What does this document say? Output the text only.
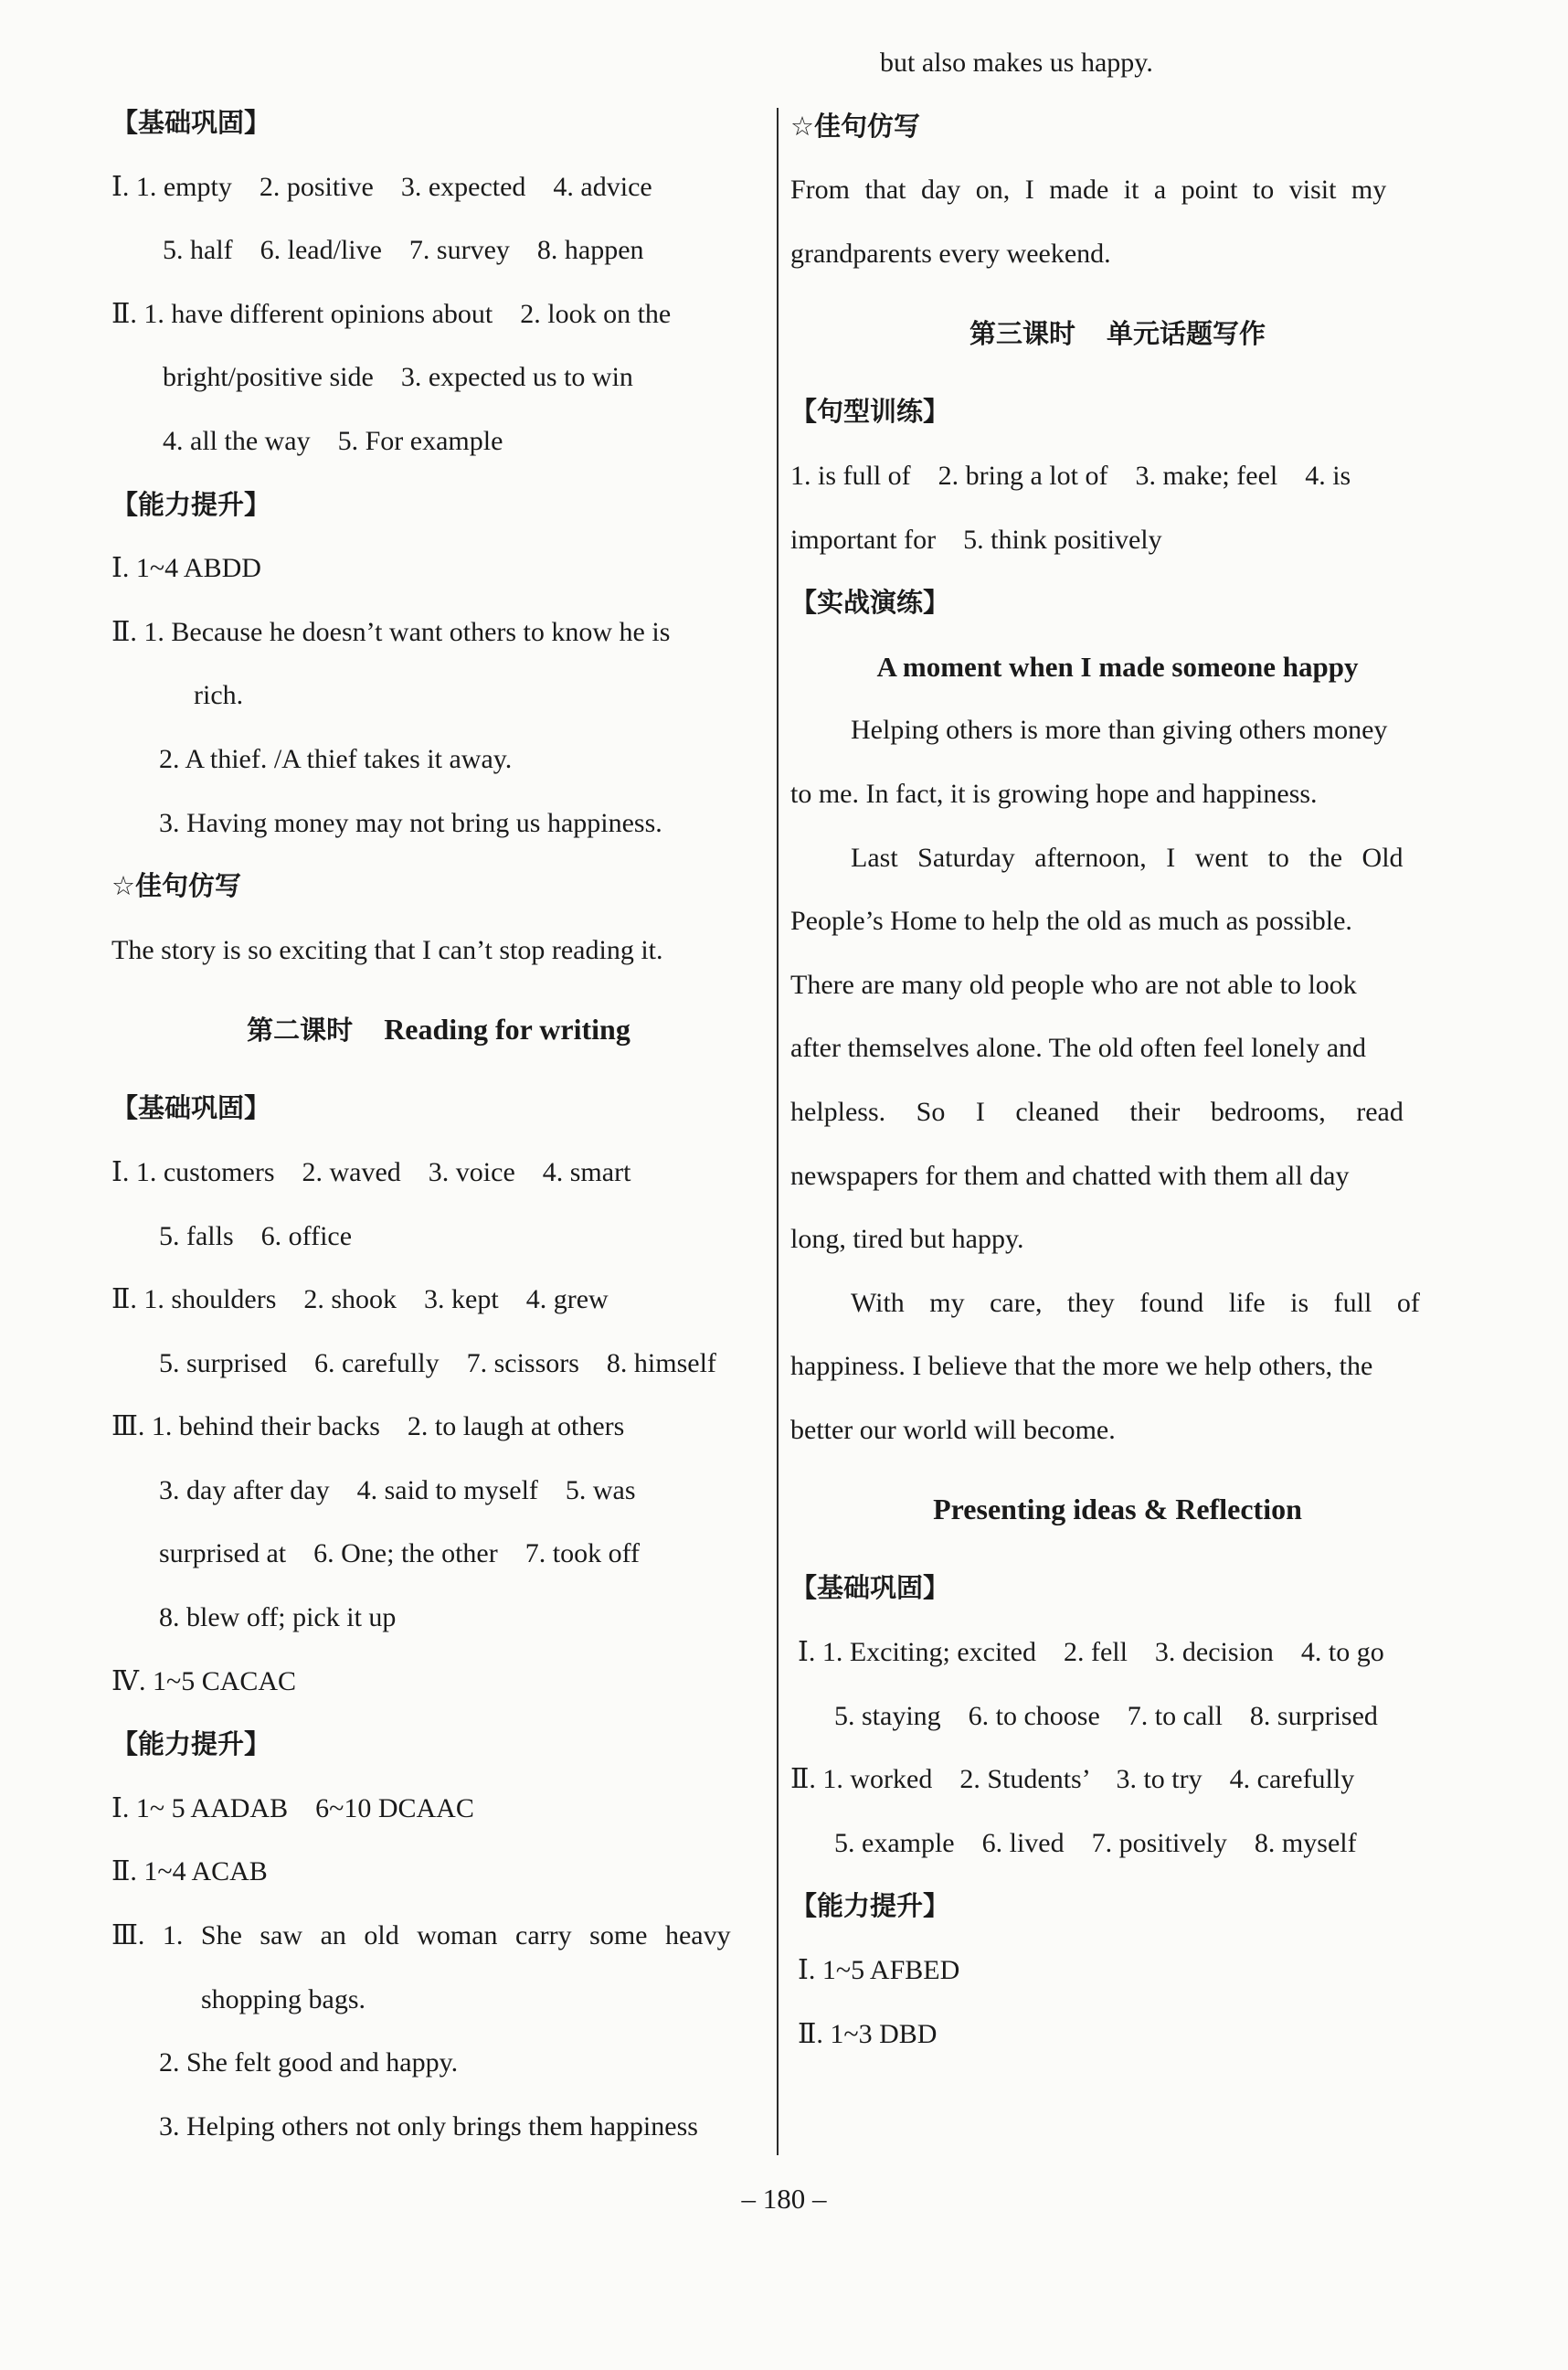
【基础巩固】
Ⅰ. 1. empty    2. positive    3. expected    4. advice
5. half    6. lead/live    7. survey    8. happen
Ⅱ. 1. have different opinions about    2. look on the
bright/positive side    3. expected us to win
4. all the way    5. For example
【能力提升】
Ⅰ. 1~4 ABDD
Ⅱ. 1. Because he doesn’t want others to know he is
rich.
2. A thief. /A thief takes it away.
3. Having money may not bring us happiness.
☆佳句仿写
The story is so exciting that I can’t stop reading it.
第二课时 Reading for writing
【基础巩固】
Ⅰ. 1. customers    2. waved    3. voice    4. smart
5. falls    6. office
Ⅱ. 1. shoulders    2. shook    3. kept    4. grew
5. surprised    6. carefully    7. scissors    8. himself
Ⅲ. 1. behind their backs    2. to laugh at others
3. day after day    4. said to myself    5. was
surprised at    6. One; the other    7. took off
8. blew off; pick it up
Ⅳ. 1~5 CACAC
【能力提升】
Ⅰ. 1~ 5 AADAB    6~10 DCAAC
Ⅱ. 1~4 ACAB
Ⅲ. 1. She saw an old woman carry some heavy
shopping bags.
2. She felt good and happy.
3. Helping others not only brings them happiness
but also makes us happy.
☆佳句仿写
From that day on, I made it a point to visit my
grandparents every weekend.
第三课时 单元话题写作
【句型训练】
1. is full of    2. bring a lot of    3. make; feel    4. is
important for    5. think positively
【实战演练】
A moment when I made someone happy
Helping others is more than giving others money
to me. In fact, it is growing hope and happiness.
Last Saturday afternoon, I went to the Old
People’s Home to help the old as much as possible.
There are many old people who are not able to look
after themselves alone. The old often feel lonely and
helpless. So I cleaned their bedrooms, read
newspapers for them and chatted with them all day
long, tired but happy.
With my care, they found life is full of
happiness. I believe that the more we help others, the
better our world will become.
Presenting ideas & Reflection
【基础巩固】
Ⅰ. 1. Exciting; excited    2. fell    3. decision    4. to go
5. staying    6. to choose    7. to call    8. surprised
Ⅱ. 1. worked    2. Students’    3. to try    4. carefully
5. example    6. lived    7. positively    8. myself
【能力提升】
Ⅰ. 1~5 AFBED
Ⅱ. 1~3 DBD
– 180 –
